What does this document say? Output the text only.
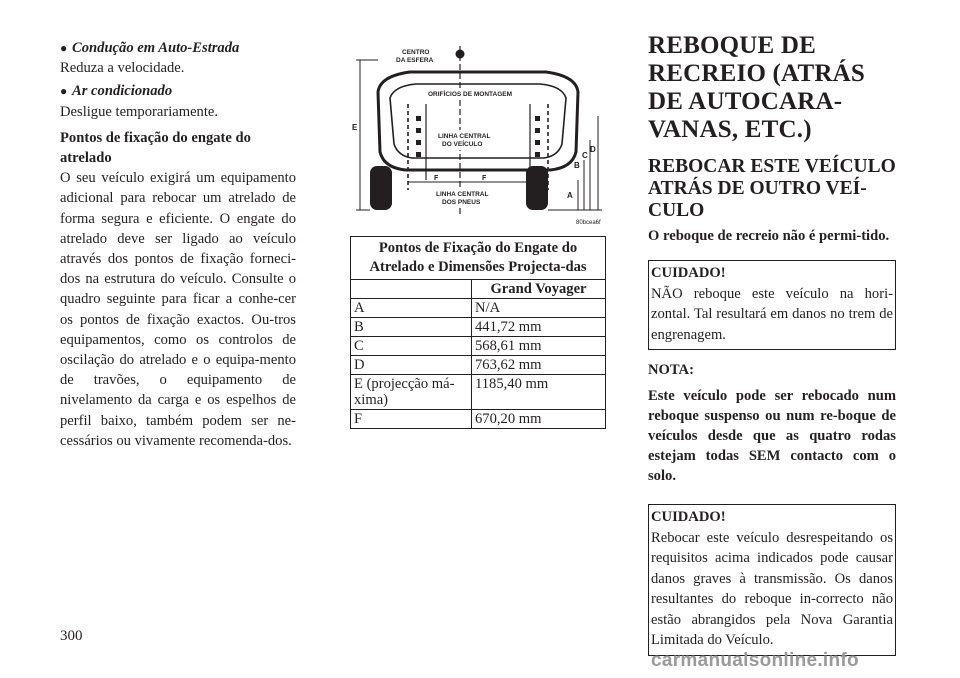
● Condução em Auto-Estrada

Reduza a velocidade.

● Ar condicionado

Desligue temporariamente.

Pontos de fixação do engate do atrelado

O seu veículo exigirá um equipamento adicional para rebocar um atrelado de forma segura e eficiente. O engate do atrelado deve ser ligado ao veículo através dos pontos de fixação forneci-dos na estrutura do veículo. Consulte o quadro seguinte para ficar a conhe-cer os pontos de fixação exactos. Ou-tros equipamentos, como os controlos de oscilação do atrelado e o equipa-mento de travões, o equipamento de nivelamento da carga e os espelhos de perfil baixo, também podem ser ne-cessários ou vivamente recomenda-dos.

CENTRO
DA ESFERA
ORIFÍCIOS DE MONTAGEM
LINHA CENTRAL
DO VEÍCULO
LINHA CENTRAL
DOS PNEUS
E
A
B
C
D
F	F
80bcea6f
Pontos de Fixação do Engate do Atrelado e Dimensões Projecta-das	
	Grand Voyager
A	N/A
B	441,72 mm
C	568,61 mm
D	763,62 mm
E (projecção má-xima)	1185,40 mm
F	670,20 mm
REBOQUE DE RECREIO (ATRÁS DE AUTOCARA-VANAS, ETC.)
REBOCAR ESTE VEÍCULO ATRÁS DE OUTRO VEÍ-CULO

O reboque de recreio não é permi-tido.

CUIDADO!
NÃO reboque este veículo na hori-zontal. Tal resultará em danos no trem de engrenagem.

NOTA:

Este veículo pode ser rebocado num reboque suspenso ou num re-boque de veículos desde que as quatro rodas estejam todas SEM contacto com o solo.

CUIDADO!
Rebocar este veículo desrespeitando os requisitos acima indicados pode causar danos graves à transmissão. Os danos resultantes do reboque in-correcto não estão abrangidos pela Nova Garantia Limitada do Veículo.
300
carmanualsonline.info
